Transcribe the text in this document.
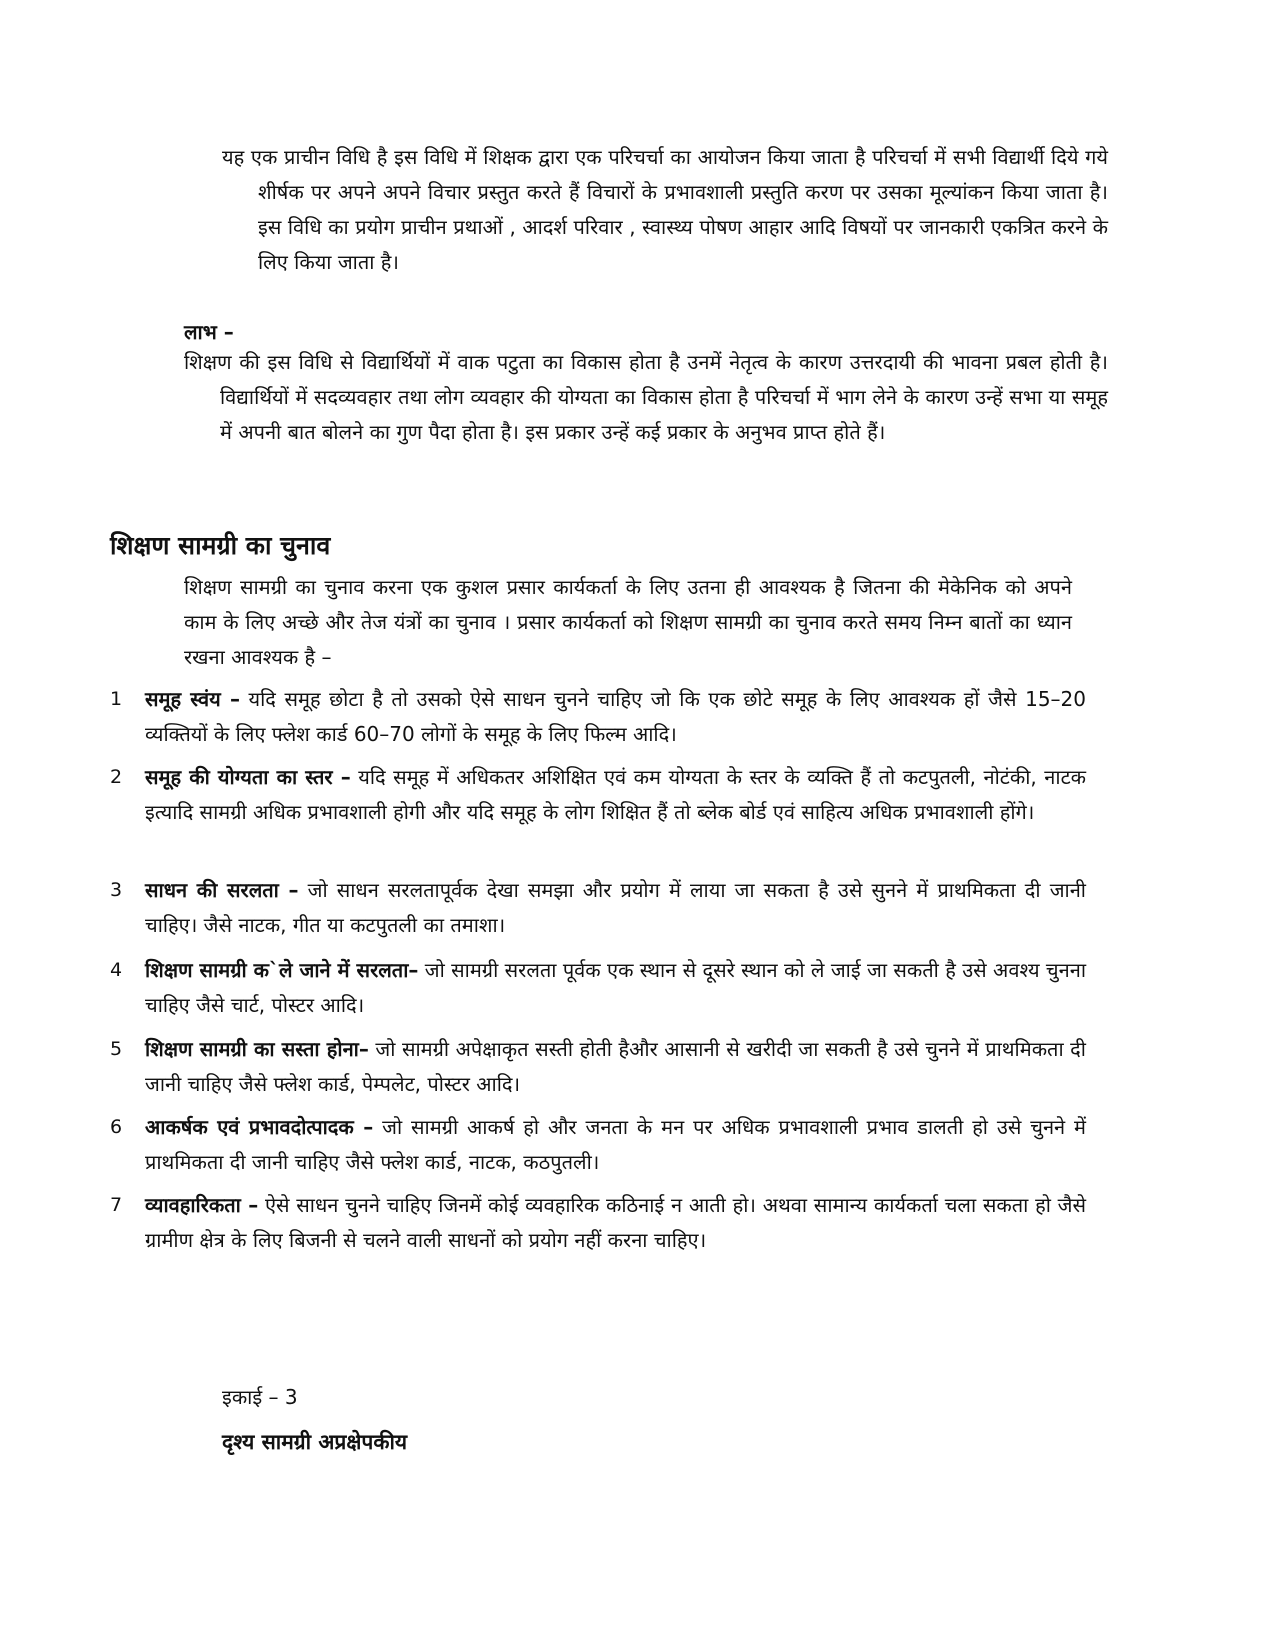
यह एक प्राचीन विधि है इस विधि में शिक्षक द्वारा एक परिचर्चा का आयोजन किया जाता है परिचर्चा में सभी विद्यार्थी दिये गये शीर्षक पर अपने अपने विचार प्रस्तुत करते हैं विचारों के प्रभावशाली प्रस्तुति करण पर उसका मूल्यांकन किया जाता है। इस विधि का प्रयोग प्राचीन प्रथाओं , आदर्श परिवार , स्वास्थ्य पोषण आहार आदि विषयों पर जानकारी एकत्रित करने के लिए किया जाता है।

लाभ –

शिक्षण की इस विधि से विद्यार्थियों में वाक पटुता का विकास होता है उनमें नेतृत्व के कारण उत्तरदायी की भावना प्रबल होती है। विद्यार्थियों में सदव्यवहार तथा लोग व्यवहार की योग्यता का विकास होता है परिचर्चा में भाग लेने के कारण उन्हें सभा या समूह में अपनी बात बोलने का गुण पैदा होता है। इस प्रकार उन्हें कई प्रकार के अनुभव प्राप्त होते हैं।

शिक्षण सामग्री का चुनाव

शिक्षण सामग्री का चुनाव करना एक कुशल प्रसार कार्यकर्ता के लिए उतना ही आवश्यक है जितना की मेकेनिक को अपने काम के लिए अच्छे और तेज यंत्रों का चुनाव । प्रसार कार्यकर्ता को शिक्षण सामग्री का चुनाव करते समय निम्न बातों का ध्यान रखना आवश्यक है –

1 समूह स्वंय – यदि समूह छोटा है तो उसको ऐसे साधन चुनने चाहिए जो कि एक छोटे समूह के लिए आवश्यक हों जैसे 15–20 व्यक्तियों के लिए फ्लेश कार्ड 60–70 लोगों के समूह के लिए फिल्म आदि।
2 समूह की योग्यता का स्तर – यदि समूह में अधिकतर अशिक्षित एवं कम योग्यता के स्तर के व्यक्ति हैं तो कटपुतली, नोटंकी, नाटक इत्यादि सामग्री अधिक प्रभावशाली होगी और यदि समूह के लोग शिक्षित हैं तो ब्लेक बोर्ड एवं साहित्य अधिक प्रभावशाली होंगे।
3 साधन की सरलता – जो साधन सरलतापूर्वक देखा समझा और प्रयोग में लाया जा सकता है उसे सुनने में प्राथमिकता दी जानी चाहिए। जैसे नाटक, गीत या कटपुतली का तमाशा।
4 शिक्षण सामग्री क`ले जाने में सरलता– जो सामग्री सरलता पूर्वक एक स्थान से दूसरे स्थान को ले जाई जा सकती है उसे अवश्य चुनना चाहिए जैसे चार्ट, पोस्टर आदि।
5 शिक्षण सामग्री का सस्ता होना– जो सामग्री अपेक्षाकृत सस्ती होती हैऔर आसानी से खरीदी जा सकती है उसे चुनने में प्राथमिकता दी जानी चाहिए जैसे फ्लेश कार्ड, पेम्पलेट, पोस्टर आदि।
6 आकर्षक एवं प्रभावदोत्पादक – जो सामग्री आकर्ष हो और जनता के मन पर अधिक प्रभावशाली प्रभाव डालती हो उसे चुनने में प्राथमिकता दी जानी चाहिए जैसे फ्लेश कार्ड, नाटक, कठपुतली।
7 व्यावहारिकता – ऐसे साधन चुनने चाहिए जिनमें कोई व्यवहारिक कठिनाई न आती हो। अथवा सामान्य कार्यकर्ता चला सकता हो जैसे ग्रामीण क्षेत्र के लिए बिजनी से चलने वाली साधनों को प्रयोग नहीं करना चाहिए।
इकाई – 3
दृश्य सामग्री अप्रक्षेपकीय
